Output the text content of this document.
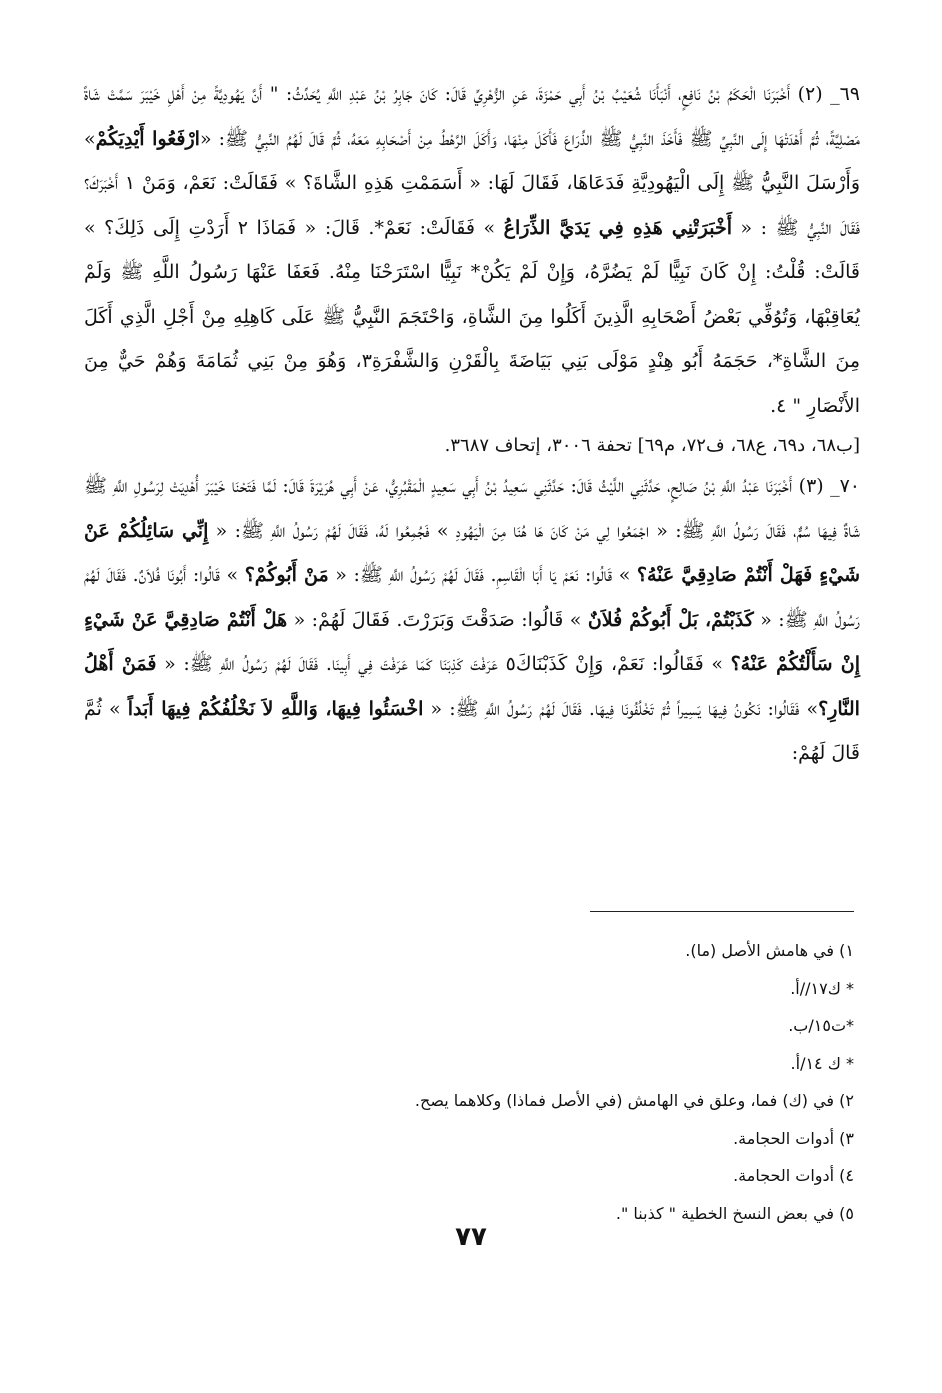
٦٩_ (٢) أَخْبَرَنَا الْحَكَمُ بْنُ نَافِعٍ، أَنْبَأَنَا شُعَيْبُ بْنُ أَبِي حَمْزَةَ، عَنِ الزُّهْرِيِّ قَالَ: كَانَ جَابِرُ بْنُ عَبْدِ اللَّهِ يُحَدِّثُ: " أَنَّ يَهُودِيَّةً مِنْ أَهْلِ خَيْبَرَ سَمَّتْ شَاةً مَصْلِيَّةً، ثُمَّ أَهْدَتْهَا إِلَى النَّبِيِّ ﷺ فَأَخَذَ النَّبِيُّ ﷺ الذِّرَاعَ فَأَكَلَ مِنْهَا، وَأَكَلَ الرَّهْطُ مِنْ أَصْحَابِهِ مَعَهُ، ثُمَّ قَالَ لَهُمُ النَّبِيُّ ﷺ: «ارْفَعُوا أَيْدِيَكُمْ» وَأَرْسَلَ النَّبِيُّ ﷺ إِلَى الْيَهُودِيَّةِ فَدَعَاهَا، فَقَالَ لَهَا: « أَسَمَمْتِ هَذِهِ الشَّاةَ؟ » فَقَالَتْ: نَعَمْ، وَمَنْ ١ أَخْبَرَكَ؟ فَقَالَ النَّبِيُّ ﷺ : « أَخْبَرَتْنِي هَذِهِ فِي يَدَيَّ الذِّرَاعُ » فَقَالَتْ: نَعَمْ*. قَالَ: « فَمَاذَا ٢ أَرَدْتِ إِلَى ذَلِكَ؟ » قَالَتْ: قُلْتُ: إِنْ كَانَ نَبِيًّا لَمْ يَضُرَّهُ، وَإِنْ لَمْ يَكُنْ* نَبِيًّا اسْتَرَحْنَا مِنْهُ. فَعَفَا عَنْهَا رَسُولُ اللَّهِ ﷺ وَلَمْ يُعَاقِبْهَا، وَتُوُفِّي بَعْضُ أَصْحَابِهِ الَّذِينَ أَكَلُوا مِنَ الشَّاةِ، وَاحْتَجَمَ النَّبِيُّ ﷺ عَلَى كَاهِلِهِ مِنْ أَجْلِ الَّذِي أَكَلَ مِنَ الشَّاةِ*، حَجَمَهُ أَبُو هِنْدٍ مَوْلَى بَنِي بَيَاضَةَ بِالْقَرْنِ وَالشَّفْرَةِ٣، وَهُوَ مِنْ بَنِي ثُمَامَةَ وَهُمْ حَيٌّ مِنَ الأَنْصَارِ " ٤.

[ب٦٨، د٦٩، ع٦٨، ف٧٢، م٦٩] تحفة ٣٠٠٦، إتحاف ٣٦٨٧.

٧٠_ (٣) أَخْبَرَنَا عَبْدُ اللَّهِ بْنُ صَالِحٍ، حَدَّثَنِي اللَّيْثُ قَالَ: حَدَّثَنِي سَعِيدُ بْنُ أَبِي سَعِيدٍ الْمَقْبُرِيُّ، عَنْ أَبِي هُرَيْرَةَ قَالَ: لَمَّا فَتَحْنَا خَيْبَرَ أُهْدِيَتْ لِرَسُولِ اللَّهِ ﷺ شَاةٌ فِيهَا سُمٌّ، فَقَالَ رَسُولُ اللَّهِ ﷺ: « اجْمَعُوا لِي مَنْ كَانَ هَا هُنَا مِنَ الْيَهُودِ » فَجُمِعُوا لَهُ، فَقَالَ لَهُمْ رَسُولُ اللَّهِ ﷺ: « إِنِّي سَائِلُكُمْ عَنْ شَيْءٍ فَهَلْ أَنْتُمْ صَادِقِيَّ عَنْهُ؟ » قَالُوا: نَعَمْ يَا أَبَا الْقَاسِمِ. فَقَالَ لَهُمْ رَسُولُ اللَّهِ ﷺ: « مَنْ أَبُوكُمْ؟ » قَالُوا: أَبُونَا فُلاَنٌ. فَقَالَ لَهُمْ رَسُولُ اللَّهِ ﷺ: « كَذَبْتُمْ، بَلْ أَبُوكُمْ فُلاَنٌ » قَالُوا: صَدَقْتَ وَبَرَرْتَ. فَقَالَ لَهُمْ: « هَلْ أَنْتُمْ صَادِقِيَّ عَنْ شَيْءٍ إِنْ سَأَلْتُكُمْ عَنْهُ؟ » فَقَالُوا: نَعَمْ، وَإِنْ كَذَبْنَاكَ٥ عَرَفْتَ كَذِبَنَا كَمَا عَرَفْتَ فِي أَبِينَا. فَقَالَ لَهُمْ رَسُولُ اللَّهِ ﷺ: « فَمَنْ أَهْلُ النَّارِ؟» فَقَالُوا: نَكُونُ فِيهَا يَسِيراً ثُمَّ تَخْلُفُونَا فِيهَا. فَقَالَ لَهُمْ رَسُولُ اللَّهِ ﷺ: « اخْسَئُوا فِيهَا، وَاللَّهِ لاَ نَخْلُفُكُمْ فِيهَا أَبَداً » ثُمَّ قَالَ لَهُمْ:

١) في هامش الأصل (ما).
* ك١٧//أ.
*ت١٥/ب.
* ك ١٤/أ.
٢) في (ك) فما، وعلق في الهامش (في الأصل فماذا) وكلاهما يصح.
٣) أدوات الحجامة.
٤) أدوات الحجامة.
٥) في بعض النسخ الخطية " كذبنا ".
٧٧
